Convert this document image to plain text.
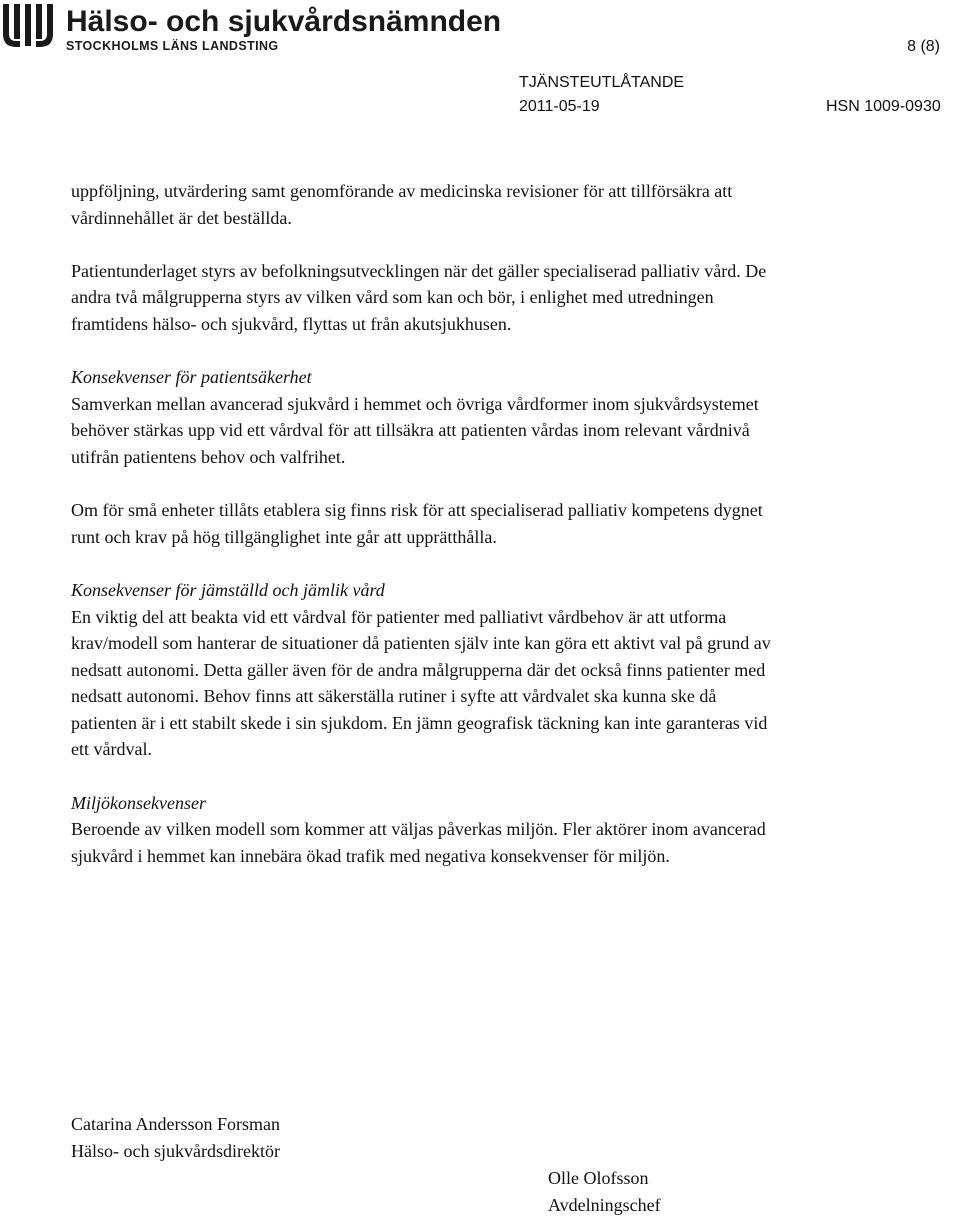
Hälso- och sjukvårdsnämnden
STOCKHOLMS LÄNS LANDSTING	8 (8)
TJÄNSTEUTLÅTANDE
2011-05-19	HSN 1009-0930

uppföljning, utvärdering samt genomförande av medicinska revisioner för att tillförsäkra att vårdinnehållet är det beställda.

Patientunderlaget styrs av befolkningsutvecklingen när det gäller specialiserad palliativ vård. De andra två målgrupperna styrs av vilken vård som kan och bör, i enlighet med utredningen framtidens hälso- och sjukvård, flyttas ut från akutsjukhusen.

Konsekvenser för patientsäkerhet

Samverkan mellan avancerad sjukvård i hemmet och övriga vårdformer inom sjukvårdsystemet behöver stärkas upp vid ett vårdval för att tillsäkra att patienten vårdas inom relevant vårdnivå utifrån patientens behov och valfrihet.

Om för små enheter tillåts etablera sig finns risk för att specialiserad palliativ kompetens dygnet runt och krav på hög tillgänglighet inte går att upprätthålla.

Konsekvenser för jämställd och jämlik vård

En viktig del att beakta vid ett vårdval för patienter med palliativt vårdbehov är att utforma krav/modell som hanterar de situationer då patienten själv inte kan göra ett aktivt val på grund av nedsatt autonomi. Detta gäller även för de andra målgrupperna där det också finns patienter med nedsatt autonomi. Behov finns att säkerställa rutiner i syfte att vårdvalet ska kunna ske då patienten är i ett stabilt skede i sin sjukdom. En jämn geografisk täckning kan inte garanteras vid ett vårdval.

Miljökonsekvenser

Beroende av vilken modell som kommer att väljas påverkas miljön. Fler aktörer inom avancerad sjukvård i hemmet kan innebära ökad trafik med negativa konsekvenser för miljön.

Catarina Andersson Forsman
Hälso- och sjukvårdsdirektör
Olle Olofsson
Avdelningschef
